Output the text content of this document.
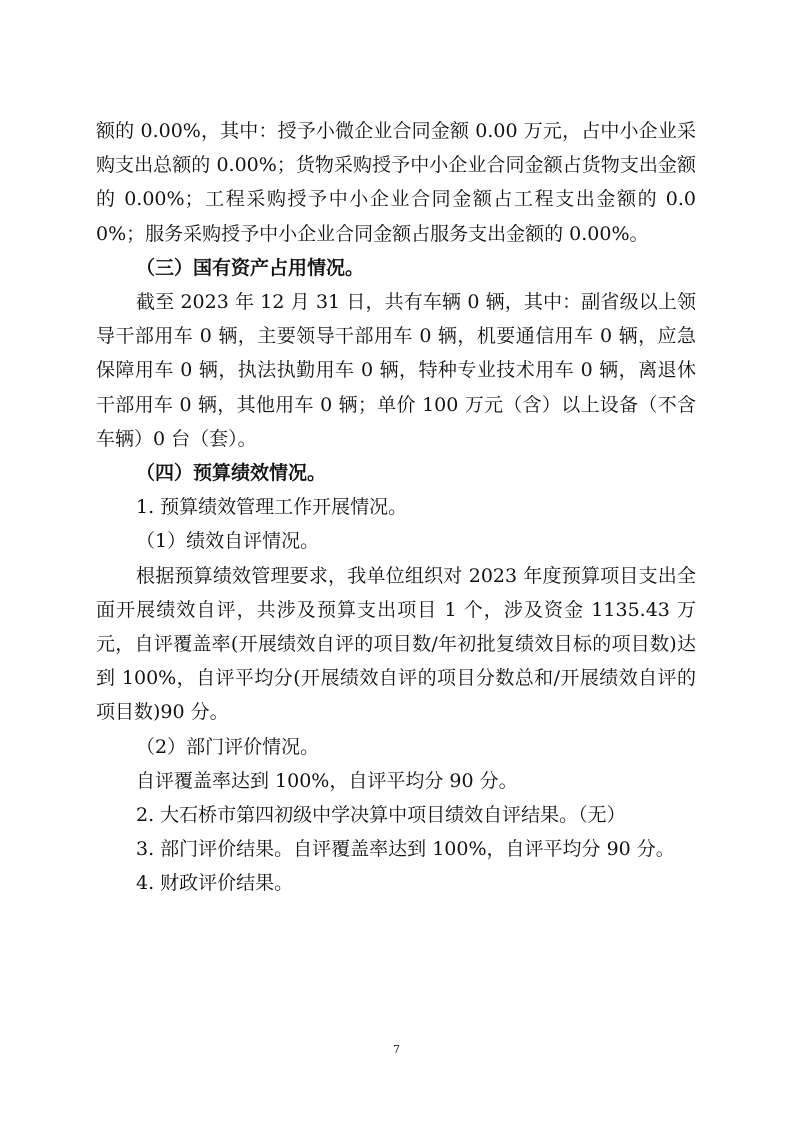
额的 0.00%，其中：授予小微企业合同金额 0.00 万元，占中小企业采购支出总额的 0.00%；货物采购授予中小企业合同金额占货物支出金额的 0.00%；工程采购授予中小企业合同金额占工程支出金额的 0.00%；服务采购授予中小企业合同金额占服务支出金额的 0.00%。

（三）国有资产占用情况。

截至 2023 年 12 月 31 日，共有车辆 0 辆，其中：副省级以上领导干部用车 0 辆，主要领导干部用车 0 辆，机要通信用车 0 辆，应急保障用车 0 辆，执法执勤用车 0 辆，特种专业技术用车 0 辆，离退休干部用车 0 辆，其他用车 0 辆；单价 100 万元（含）以上设备（不含车辆）0 台（套）。

（四）预算绩效情况。

1. 预算绩效管理工作开展情况。

（1）绩效自评情况。

根据预算绩效管理要求，我单位组织对 2023 年度预算项目支出全面开展绩效自评，共涉及预算支出项目 1 个，涉及资金 1135.43 万元，自评覆盖率(开展绩效自评的项目数/年初批复绩效目标的项目数)达到 100%，自评平均分(开展绩效自评的项目分数总和/开展绩效自评的项目数)90 分。

（2）部门评价情况。

自评覆盖率达到 100%，自评平均分 90 分。

2. 大石桥市第四初级中学决算中项目绩效自评结果。（无）

3. 部门评价结果。自评覆盖率达到 100%，自评平均分 90 分。

4. 财政评价结果。

7
